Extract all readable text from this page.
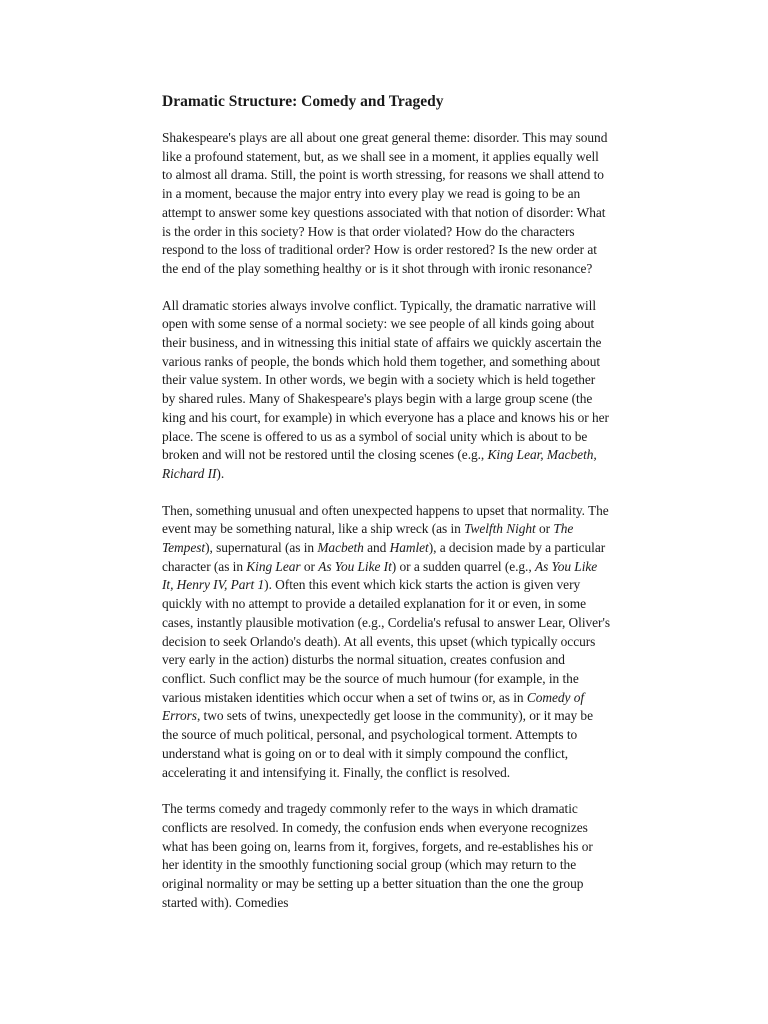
Dramatic Structure: Comedy and Tragedy

Shakespeare's plays are all about one great general theme: disorder. This may sound like a profound statement, but, as we shall see in a moment, it applies equally well to almost all drama. Still, the point is worth stressing, for reasons we shall attend to in a moment, because the major entry into every play we read is going to be an attempt to answer some key questions associated with that notion of disorder: What is the order in this society? How is that order violated? How do the characters respond to the loss of traditional order? How is order restored? Is the new order at the end of the play something healthy or is it shot through with ironic resonance?

All dramatic stories always involve conflict. Typically, the dramatic narrative will open with some sense of a normal society: we see people of all kinds going about their business, and in witnessing this initial state of affairs we quickly ascertain the various ranks of people, the bonds which hold them together, and something about their value system. In other words, we begin with a society which is held together by shared rules. Many of Shakespeare's plays begin with a large group scene (the king and his court, for example) in which everyone has a place and knows his or her place. The scene is offered to us as a symbol of social unity which is about to be broken and will not be restored until the closing scenes (e.g., King Lear, Macbeth, Richard II).

Then, something unusual and often unexpected happens to upset that normality. The event may be something natural, like a ship wreck (as in Twelfth Night or The Tempest), supernatural (as in Macbeth and Hamlet), a decision made by a particular character (as in King Lear or As You Like It) or a sudden quarrel (e.g., As You Like It, Henry IV, Part 1). Often this event which kick starts the action is given very quickly with no attempt to provide a detailed explanation for it or even, in some cases, instantly plausible motivation (e.g., Cordelia's refusal to answer Lear, Oliver's decision to seek Orlando's death). At all events, this upset (which typically occurs very early in the action) disturbs the normal situation, creates confusion and conflict. Such conflict may be the source of much humour (for example, in the various mistaken identities which occur when a set of twins or, as in Comedy of Errors, two sets of twins, unexpectedly get loose in the community), or it may be the source of much political, personal, and psychological torment. Attempts to understand what is going on or to deal with it simply compound the conflict, accelerating it and intensifying it. Finally, the conflict is resolved.

The terms comedy and tragedy commonly refer to the ways in which dramatic conflicts are resolved. In comedy, the confusion ends when everyone recognizes what has been going on, learns from it, forgives, forgets, and re-establishes his or her identity in the smoothly functioning social group (which may return to the original normality or may be setting up a better situation than the one the group started with). Comedies
